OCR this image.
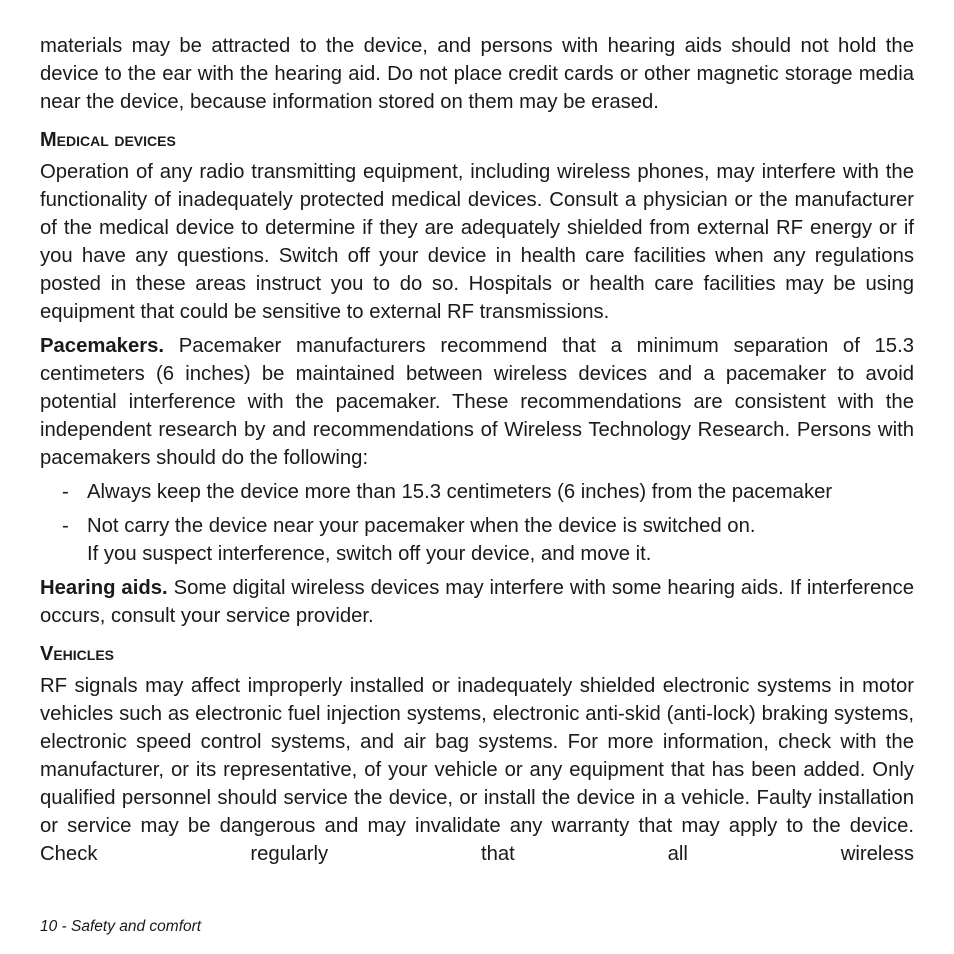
materials may be attracted to the device, and persons with hearing aids should not hold the device to the ear with the hearing aid. Do not place credit cards or other magnetic storage media near the device, because information stored on them may be erased.

Medical devices

Operation of any radio transmitting equipment, including wireless phones, may interfere with the functionality of inadequately protected medical devices. Consult a physician or the manufacturer of the medical device to determine if they are adequately shielded from external RF energy or if you have any questions. Switch off your device in health care facilities when any regulations posted in these areas instruct you to do so. Hospitals or health care facilities may be using equipment that could be sensitive to external RF transmissions.

Pacemakers. Pacemaker manufacturers recommend that a minimum separation of 15.3 centimeters (6 inches) be maintained between wireless devices and a pacemaker to avoid potential interference with the pacemaker. These recommendations are consistent with the independent research by and recommendations of Wireless Technology Research. Persons with pacemakers should do the following:

- Always keep the device more than 15.3 centimeters (6 inches) from the pacemaker
- Not carry the device near your pacemaker when the device is switched on.
If you suspect interference, switch off your device, and move it.

Hearing aids. Some digital wireless devices may interfere with some hearing aids. If interference occurs, consult your service provider.

Vehicles

RF signals may affect improperly installed or inadequately shielded electronic systems in motor vehicles such as electronic fuel injection systems, electronic anti-skid (anti-lock) braking systems, electronic speed control systems, and air bag systems. For more information, check with the manufacturer, or its representative, of your vehicle or any equipment that has been added. Only qualified personnel should service the device, or install the device in a vehicle. Faulty installation or service may be dangerous and may invalidate any warranty that may apply to the device. Check regularly that all wireless

10 - Safety and comfort
